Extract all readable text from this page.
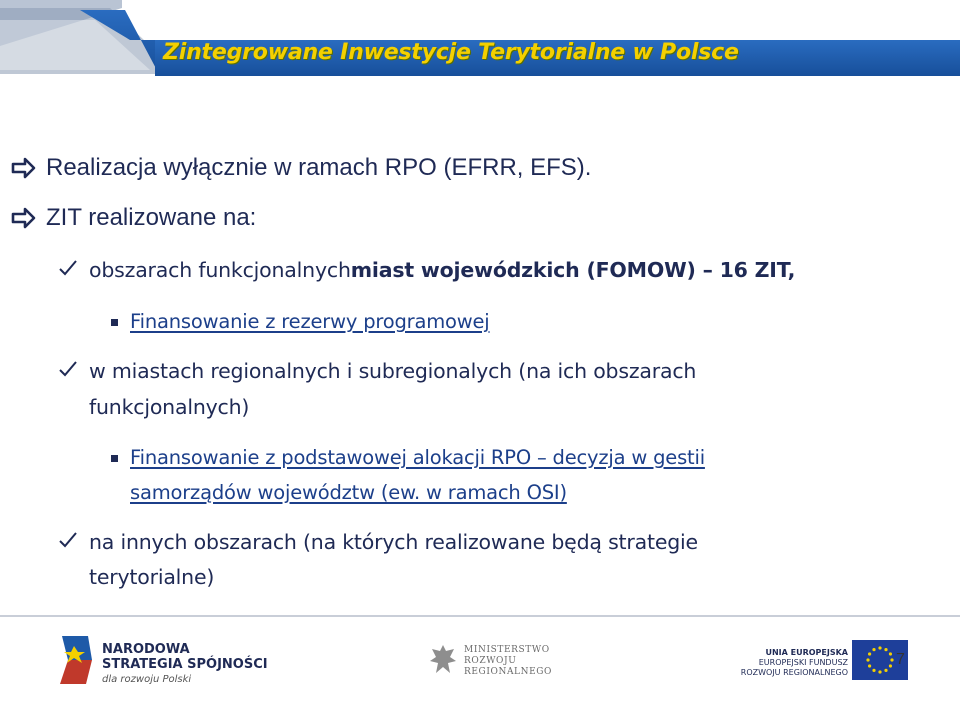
Zintegrowane Inwestycje Terytorialne w Polsce
Realizacja wyłącznie w ramach RPO (EFRR, EFS).
ZIT realizowane na:
obszarach funkcjonalnych miast wojewódzkich (FOMOW) – 16 ZIT,
Finansowanie z rezerwy programowej
w miastach regionalnych i subregionalych (na ich obszarach
funkcjonalnych)
Finansowanie z podstawowej alokacji RPO – decyzja w gestii
samorządów województw (ew. w ramach OSI)
na innych obszarach (na których realizowane będą strategie
terytorialne)
NARODOWA
STRATEGIA SPÓJNOŚCI
dla rozwoju Polski
MINISTERSTWO
ROZWOJU
REGIONALNEGO
UNIA EUROPEJSKA
EUROPEJSKI FUNDUSZ
ROZWOJU REGIONALNEGO
7
